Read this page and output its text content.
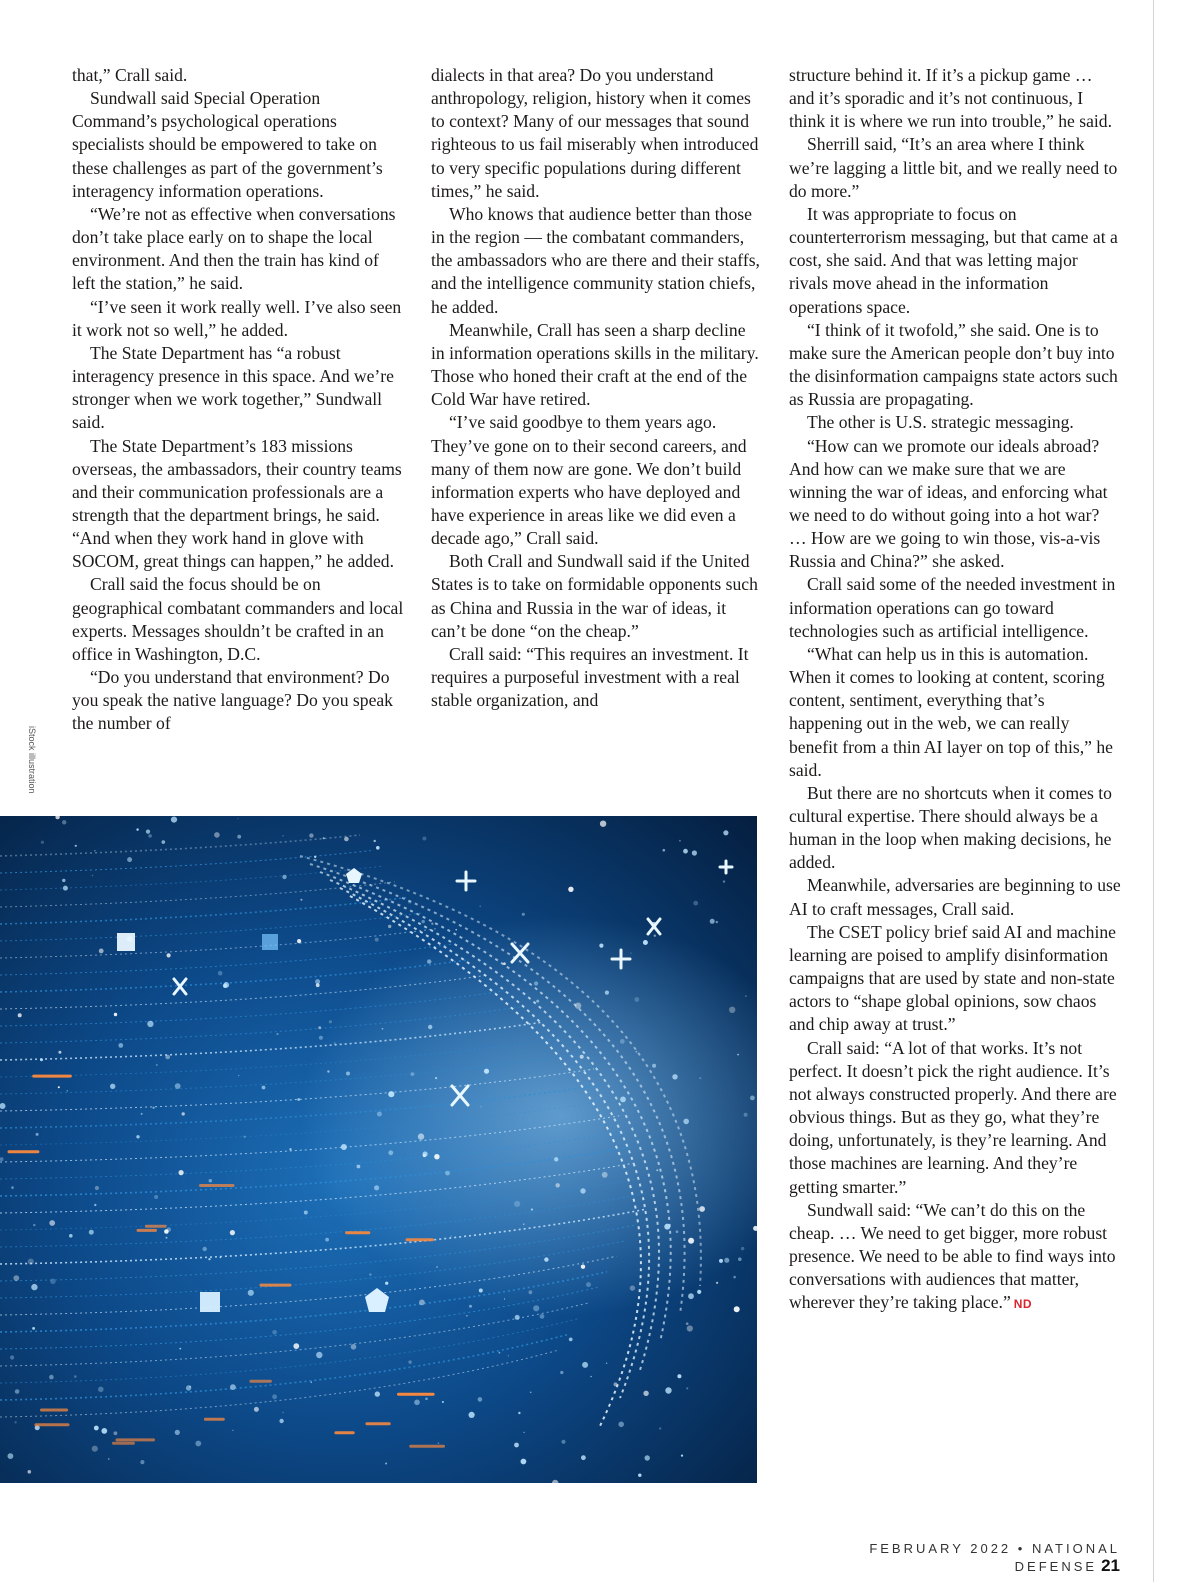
that,” Crall said.

Sundwall said Special Operation Command’s psychological operations specialists should be empowered to take on these challenges as part of the government’s interagency information operations.

“We’re not as effective when conversations don’t take place early on to shape the local environment. And then the train has kind of left the station,” he said.

“I’ve seen it work really well. I’ve also seen it work not so well,” he added.

The State Department has “a robust interagency presence in this space. And we’re stronger when we work together,” Sundwall said.

The State Department’s 183 missions overseas, the ambassadors, their country teams and their communication professionals are a strength that the department brings, he said. “And when they work hand in glove with SOCOM, great things can happen,” he added.

Crall said the focus should be on geographical combatant commanders and local experts. Messages shouldn’t be crafted in an office in Washington, D.C.

“Do you understand that environment? Do you speak the native language? Do you speak the number of

dialects in that area? Do you understand anthropology, religion, history when it comes to context? Many of our messages that sound righteous to us fail miserably when introduced to very specific populations during different times,” he said.

Who knows that audience better than those in the region — the combatant commanders, the ambassadors who are there and their staffs, and the intelligence community station chiefs, he added.

Meanwhile, Crall has seen a sharp decline in information operations skills in the military. Those who honed their craft at the end of the Cold War have retired.

“I’ve said goodbye to them years ago. They’ve gone on to their second careers, and many of them now are gone. We don’t build information experts who have deployed and have experience in areas like we did even a decade ago,” Crall said.

Both Crall and Sundwall said if the United States is to take on formidable opponents such as China and Russia in the war of ideas, it can’t be done “on the cheap.”

Crall said: “This requires an investment. It requires a purposeful investment with a real stable organization, and

structure behind it. If it’s a pickup game … and it’s sporadic and it’s not continuous, I think it is where we run into trouble,” he said.

Sherrill said, “It’s an area where I think we’re lagging a little bit, and we really need to do more.”

It was appropriate to focus on counterterrorism messaging, but that came at a cost, she said. And that was letting major rivals move ahead in the information operations space.

“I think of it twofold,” she said. One is to make sure the American people don’t buy into the disinformation campaigns state actors such as Russia are propagating.

The other is U.S. strategic messaging.

“How can we promote our ideals abroad? And how can we make sure that we are winning the war of ideas, and enforcing what we need to do without going into a hot war? … How are we going to win those, vis-a-vis Russia and China?” she asked.

Crall said some of the needed investment in information operations can go toward technologies such as artificial intelligence.

“What can help us in this is automation. When it comes to looking at content, scoring content, sentiment, everything that’s happening out in the web, we can really benefit from a thin AI layer on top of this,” he said.

But there are no shortcuts when it comes to cultural expertise. There should always be a human in the loop when making decisions, he added.

Meanwhile, adversaries are beginning to use AI to craft messages, Crall said.

The CSET policy brief said AI and machine learning are poised to amplify disinformation campaigns that are used by state and non-state actors to “shape global opinions, sow chaos and chip away at trust.”

Crall said: “A lot of that works. It’s not perfect. It doesn’t pick the right audience. It’s not always constructed properly. And there are obvious things. But as they go, what they’re doing, unfortunately, is they’re learning. And those machines are learning. And they’re getting smarter.”

Sundwall said: “We can’t do this on the cheap. … We need to get bigger, more robust presence. We need to be able to find ways into conversations with audiences that matter, wherever they’re taking place.” ND

iStock illustration
FEBRUARY 2022 • NATIONAL DEFENSE 21
